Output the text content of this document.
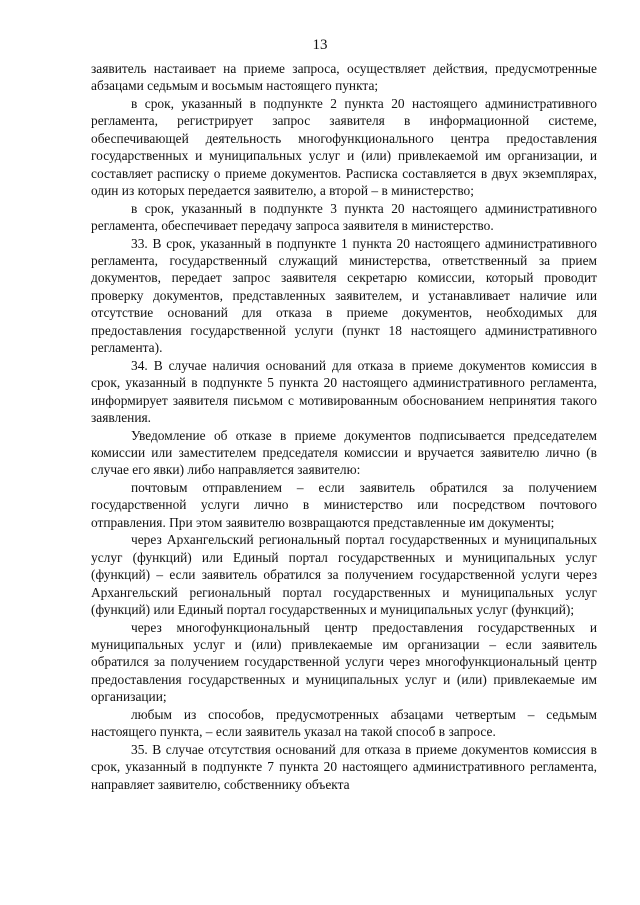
13

заявитель настаивает на приеме запроса, осуществляет действия, предусмотренные абзацами седьмым и восьмым настоящего пункта;

в срок, указанный в подпункте 2 пункта 20 настоящего административного регламента, регистрирует запрос заявителя в информационной системе, обеспечивающей деятельность многофункционального центра предоставления государственных и муниципальных услуг и (или) привлекаемой им организации, и составляет расписку о приеме документов. Расписка составляется в двух экземплярах, один из которых передается заявителю, а второй – в министерство;

в срок, указанный в подпункте 3 пункта 20 настоящего административного регламента, обеспечивает передачу запроса заявителя в министерство.

33. В срок, указанный в подпункте 1 пункта 20 настоящего административного регламента, государственный служащий министерства, ответственный за прием документов, передает запрос заявителя секретарю комиссии, который проводит проверку документов, представленных заявителем, и устанавливает наличие или отсутствие оснований для отказа в приеме документов, необходимых для предоставления государственной услуги (пункт 18 настоящего административного регламента).

34. В случае наличия оснований для отказа в приеме документов комиссия в срок, указанный в подпункте 5 пункта 20 настоящего административного регламента, информирует заявителя письмом с мотивированным обоснованием непринятия такого заявления.

Уведомление об отказе в приеме документов подписывается председателем комиссии или заместителем председателя комиссии и вручается заявителю лично (в случае его явки) либо направляется заявителю:

почтовым отправлением – если заявитель обратился за получением государственной услуги лично в министерство или посредством почтового отправления. При этом заявителю возвращаются представленные им документы;

через Архангельский региональный портал государственных и муниципальных услуг (функций) или Единый портал государственных и муниципальных услуг (функций) – если заявитель обратился за получением государственной услуги через Архангельский региональный портал государственных и муниципальных услуг (функций) или Единый портал государственных и муниципальных услуг (функций);

через многофункциональный центр предоставления государственных и муниципальных услуг и (или) привлекаемые им организации – если заявитель обратился за получением государственной услуги через многофункциональный центр предоставления государственных и муниципальных услуг и (или) привлекаемые им организации;

любым из способов, предусмотренных абзацами четвертым – седьмым настоящего пункта, – если заявитель указал на такой способ в запросе.

35. В случае отсутствия оснований для отказа в приеме документов комиссия в срок, указанный в подпункте 7 пункта 20 настоящего административного регламента, направляет заявителю, собственнику объекта
